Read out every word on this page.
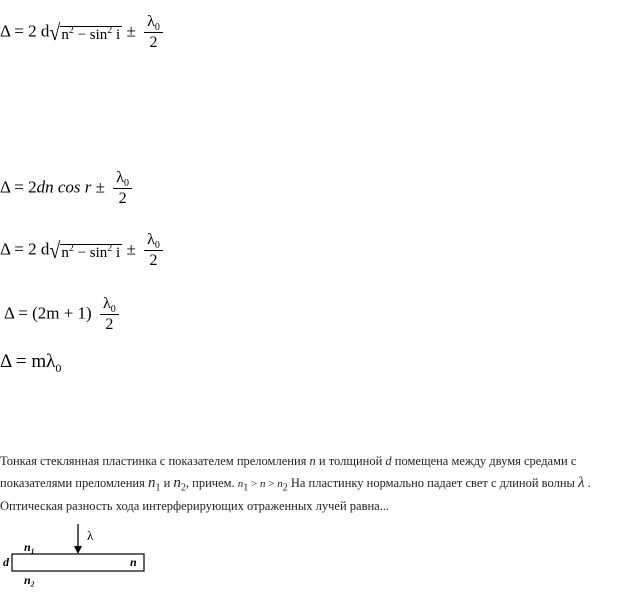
Δ = 2 d √ $n^2 - \sin^2 i \pm \frac{\lambda_0}{2}$
Δ = 2dn $\cos r \pm \frac{\lambda_0}{2}$
Δ = 2 d √ $n^2 - \sin^2 i \pm \frac{\lambda_0}{2}$
$\Delta = (2m + 1) \frac{\lambda_0}{2}$
$\Delta = m\lambda_0$
Тонкая стеклянная пластинка с показателем преломления n и толщиной d помещена между двумя средами с показателями преломления $n_1$ и $n_2$, причем. $n_1 > n > n_2$ На пластинку нормально падает свет с длиной волны λ . Оптическая разность хода интерферирующих отраженных лучей равна...
λ
n₁
d	n
n₂
